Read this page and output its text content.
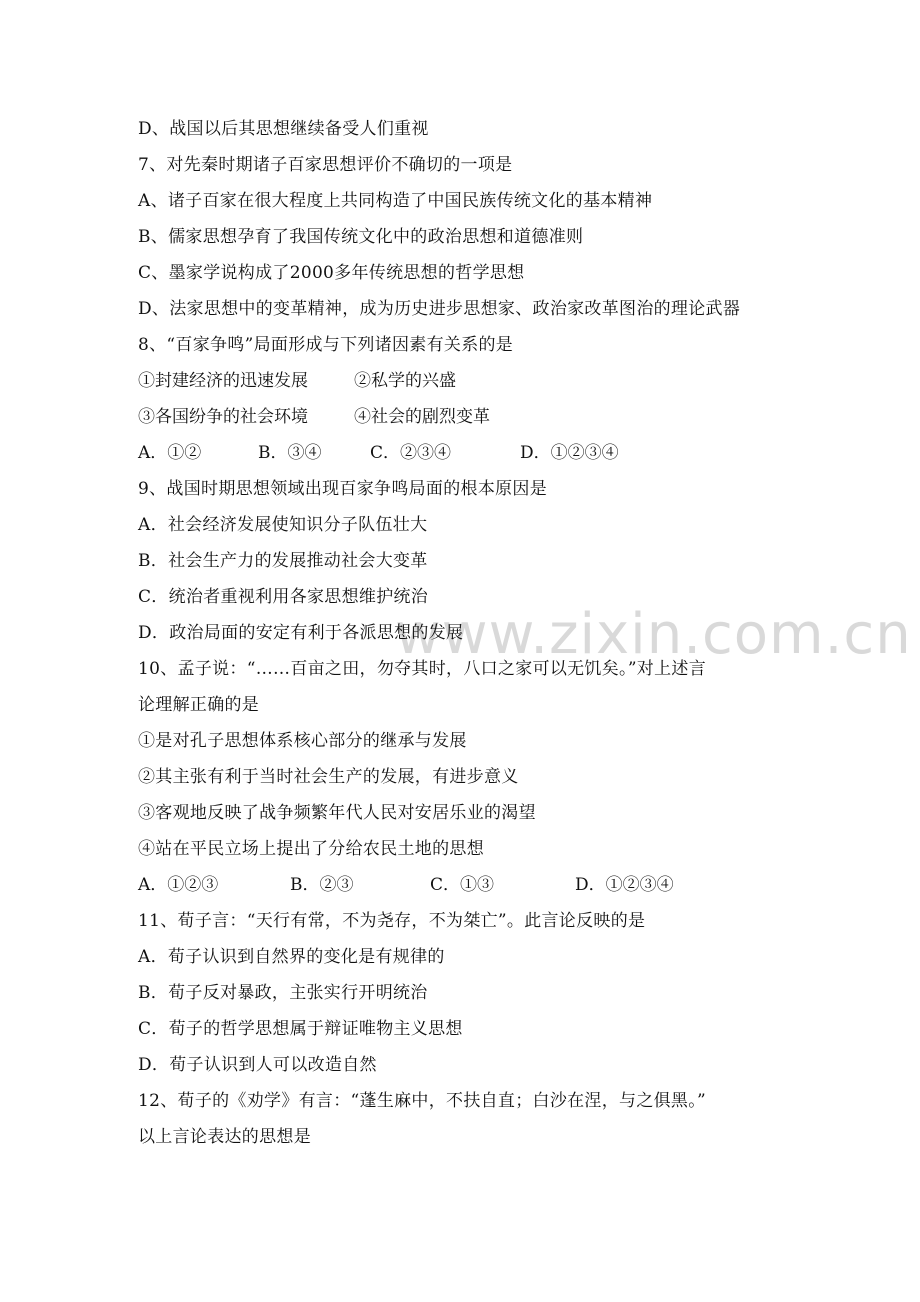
www.zixin.com.cn
D、战国以后其思想继续备受人们重视
7、对先秦时期诸子百家思想评价不确切的一项是
A、诸子百家在很大程度上共同构造了中国民族传统文化的基本精神
B、儒家思想孕育了我国传统文化中的政治思想和道德准则
C、墨家学说构成了2000多年传统思想的哲学思想
D、法家思想中的变革精神，成为历史进步思想家、政治家改革图治的理论武器
8、“百家争鸣”局面形成与下列诸因素有关系的是
①封建经济的迅速发展	②私学的兴盛
③各国纷争的社会环境	④社会的剧烈变革
A．①②	B．③④	C．②③④	D．①②③④
9、战国时期思想领域出现百家争鸣局面的根本原因是
A．社会经济发展使知识分子队伍壮大
B．社会生产力的发展推动社会大变革
C．统治者重视利用各家思想维护统治
D．政治局面的安定有利于各派思想的发展
10、孟子说：“……百亩之田，勿夺其时，八口之家可以无饥矣。”对上述言
论理解正确的是
①是对孔子思想体系核心部分的继承与发展
②其主张有利于当时社会生产的发展，有进步意义
③客观地反映了战争频繁年代人民对安居乐业的渴望
④站在平民立场上提出了分给农民土地的思想
A．①②③	B．②③	C．①③	D．①②③④
11、荀子言：“天行有常，不为尧存，不为桀亡”。此言论反映的是
A．荀子认识到自然界的变化是有规律的
B．荀子反对暴政，主张实行开明统治
C．荀子的哲学思想属于辩证唯物主义思想
D．荀子认识到人可以改造自然
12、荀子的《劝学》有言：“蓬生麻中，不扶自直；白沙在涅，与之俱黑。”
以上言论表达的思想是
